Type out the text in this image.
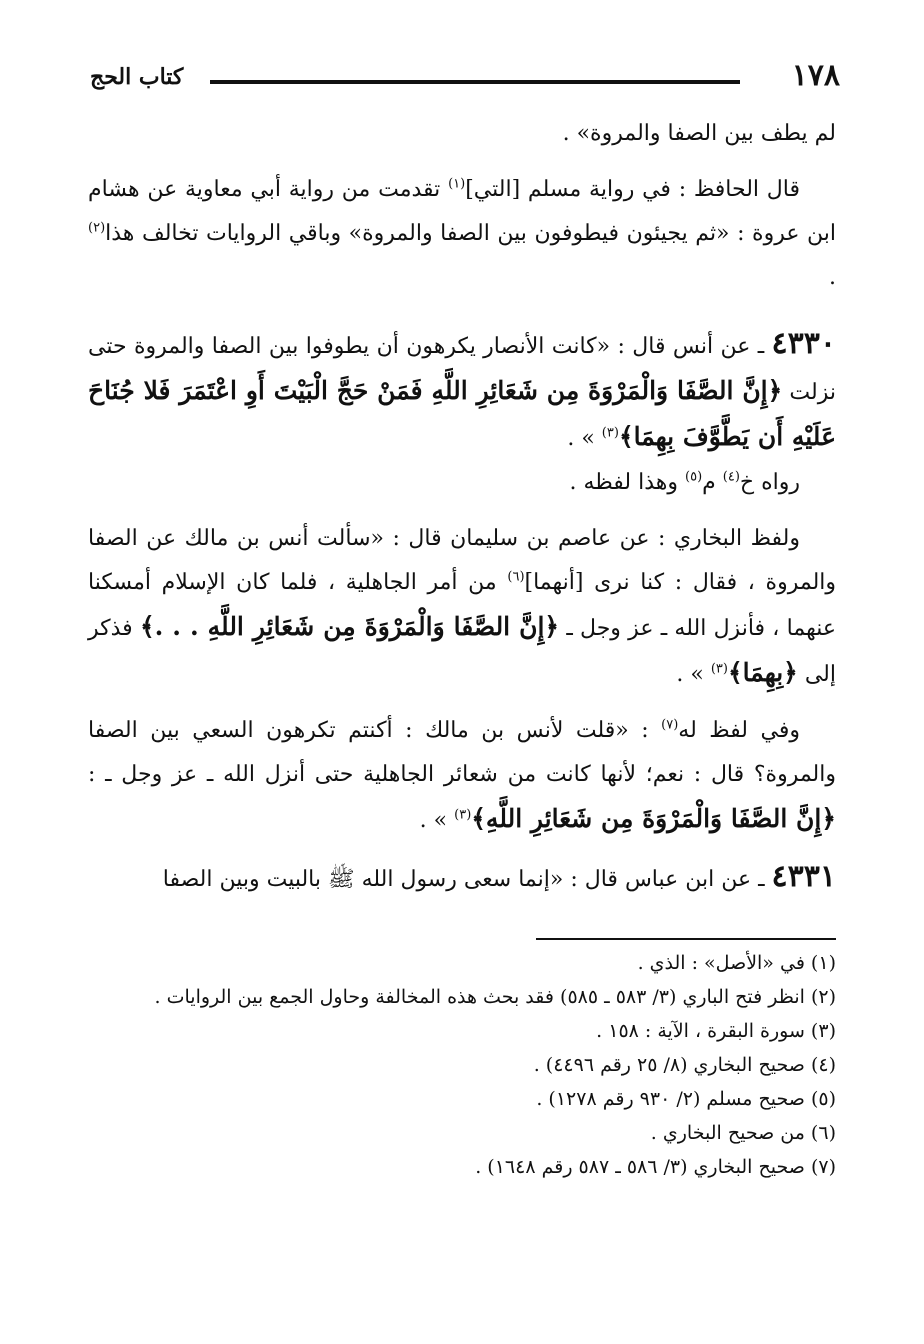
١٧٨
كتاب الحج

لم يطف بين الصفا والمروة» .

قال الحافظ : في رواية مسلم [التي]$^{(١)}$ تقدمت من رواية أبي معاوية عن هشام ابن عروة : «ثم يجيئون فيطوفون بين الصفا والمروة» وباقي الروايات تخالف هذا$^{(٢)}$ .

٤٣٣٠ ـ عن أنس قال : «كانت الأنصار يكرهون أن يطوفوا بين الصفا والمروة حتى نزلت ﴿إِنَّ الصَّفَا وَالْمَرْوَةَ مِن شَعَائِرِ اللَّهِ فَمَنْ حَجَّ الْبَيْتَ أَوِ اعْتَمَرَ فَلا جُنَاحَ عَلَيْهِ أَن يَطَّوَّفَ بِهِمَا﴾$^{(٣)}$ » .

رواه خ$^{(٤)}$ م$^{(٥)}$ وهذا لفظه .

ولفظ البخاري : عن عاصم بن سليمان قال : «سألت أنس بن مالك عن الصفا والمروة ، فقال : كنا نرى [أنهما]$^{(٦)}$ من أمر الجاهلية ، فلما كان الإسلام أمسكنا عنهما ، فأنزل الله ـ عز وجل ـ ﴿إِنَّ الصَّفَا وَالْمَرْوَةَ مِن شَعَائِرِ اللَّهِ . . .﴾ فذكر إلى ﴿بِهِمَا﴾$^{(٣)}$ » .

وفي لفظ له$^{(٧)}$ : «قلت لأنس بن مالك : أكنتم تكرهون السعي بين الصفا والمروة؟ قال : نعم؛ لأنها كانت من شعائر الجاهلية حتى أنزل الله ـ عز وجل ـ : ﴿إِنَّ الصَّفَا وَالْمَرْوَةَ مِن شَعَائِرِ اللَّهِ﴾$^{(٣)}$ » .

٤٣٣١ ـ عن ابن عباس قال : «إنما سعى رسول الله ﷺ بالبيت وبين الصفا

(١) في «الأصل» : الذي .

(٢) انظر فتح الباري (٣/ ٥٨٣ ـ ٥٨٥) فقد بحث هذه المخالفة وحاول الجمع بين الروايات .

(٣) سورة البقرة ، الآية : ١٥٨ .

(٤) صحيح البخاري (٨/ ٢٥ رقم ٤٤٩٦) .

(٥) صحيح مسلم (٢/ ٩٣٠ رقم ١٢٧٨) .

(٦) من صحيح البخاري .

(٧) صحيح البخاري (٣/ ٥٨٦ ـ ٥٨٧ رقم ١٦٤٨) .
